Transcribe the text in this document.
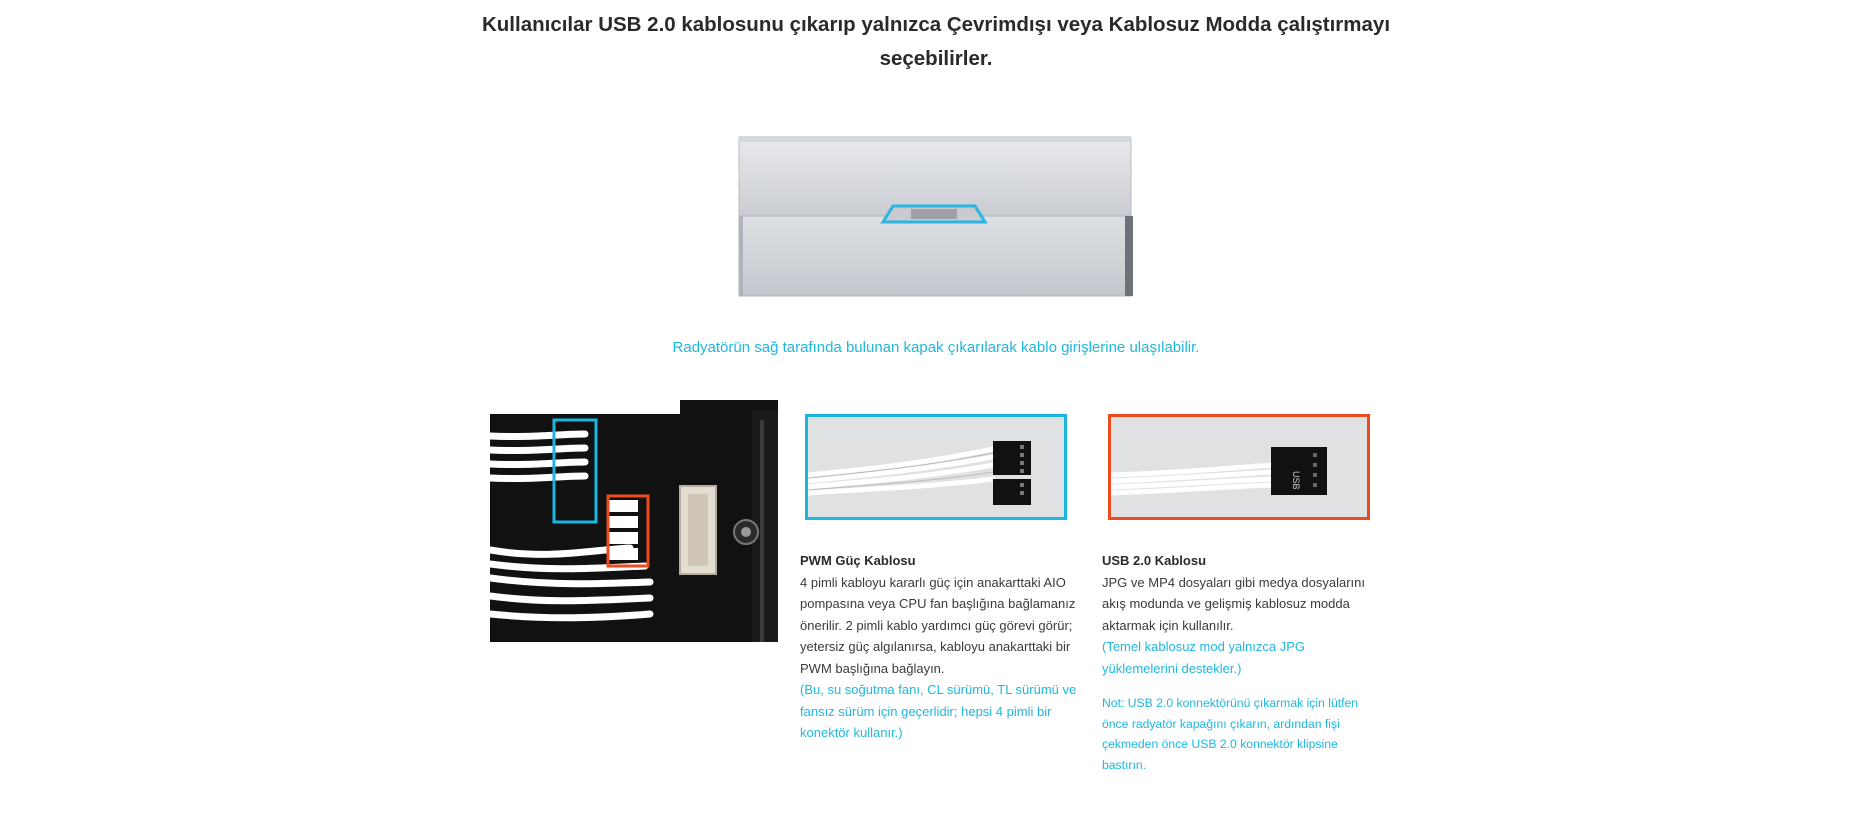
Kullanıcılar USB 2.0 kablosunu çıkarıp yalnızca Çevrimdışı veya Kablosuz Modda çalıştırmayı seçebilirler.
Radyatörün sağ tarafında bulunan kapak çıkarılarak kablo girişlerine ulaşılabilir.
USB
PWM Güç Kablosu

4 pimli kabloyu kararlı güç için anakarttaki AIO pompasına veya CPU fan başlığına bağlamanız önerilir. 2 pimli kablo yardımcı güç görevi görür; yetersiz güç algılanırsa, kabloyu anakarttaki bir PWM başlığına bağlayın.

(Bu, su soğutma fanı, CL sürümü, TL sürümü ve fansız sürüm için geçerlidir; hepsi 4 pimli bir konektör kullanır.)

USB 2.0 Kablosu

JPG ve MP4 dosyaları gibi medya dosyalarını akış modunda ve gelişmiş kablosuz modda aktarmak için kullanılır.

(Temel kablosuz mod yalnızca JPG yüklemelerini destekler.)

Not: USB 2.0 konnektörünü çıkarmak için lütfen önce radyatör kapağını çıkarın, ardından fişi çekmeden önce USB 2.0 konnektör klipsine bastırın.
